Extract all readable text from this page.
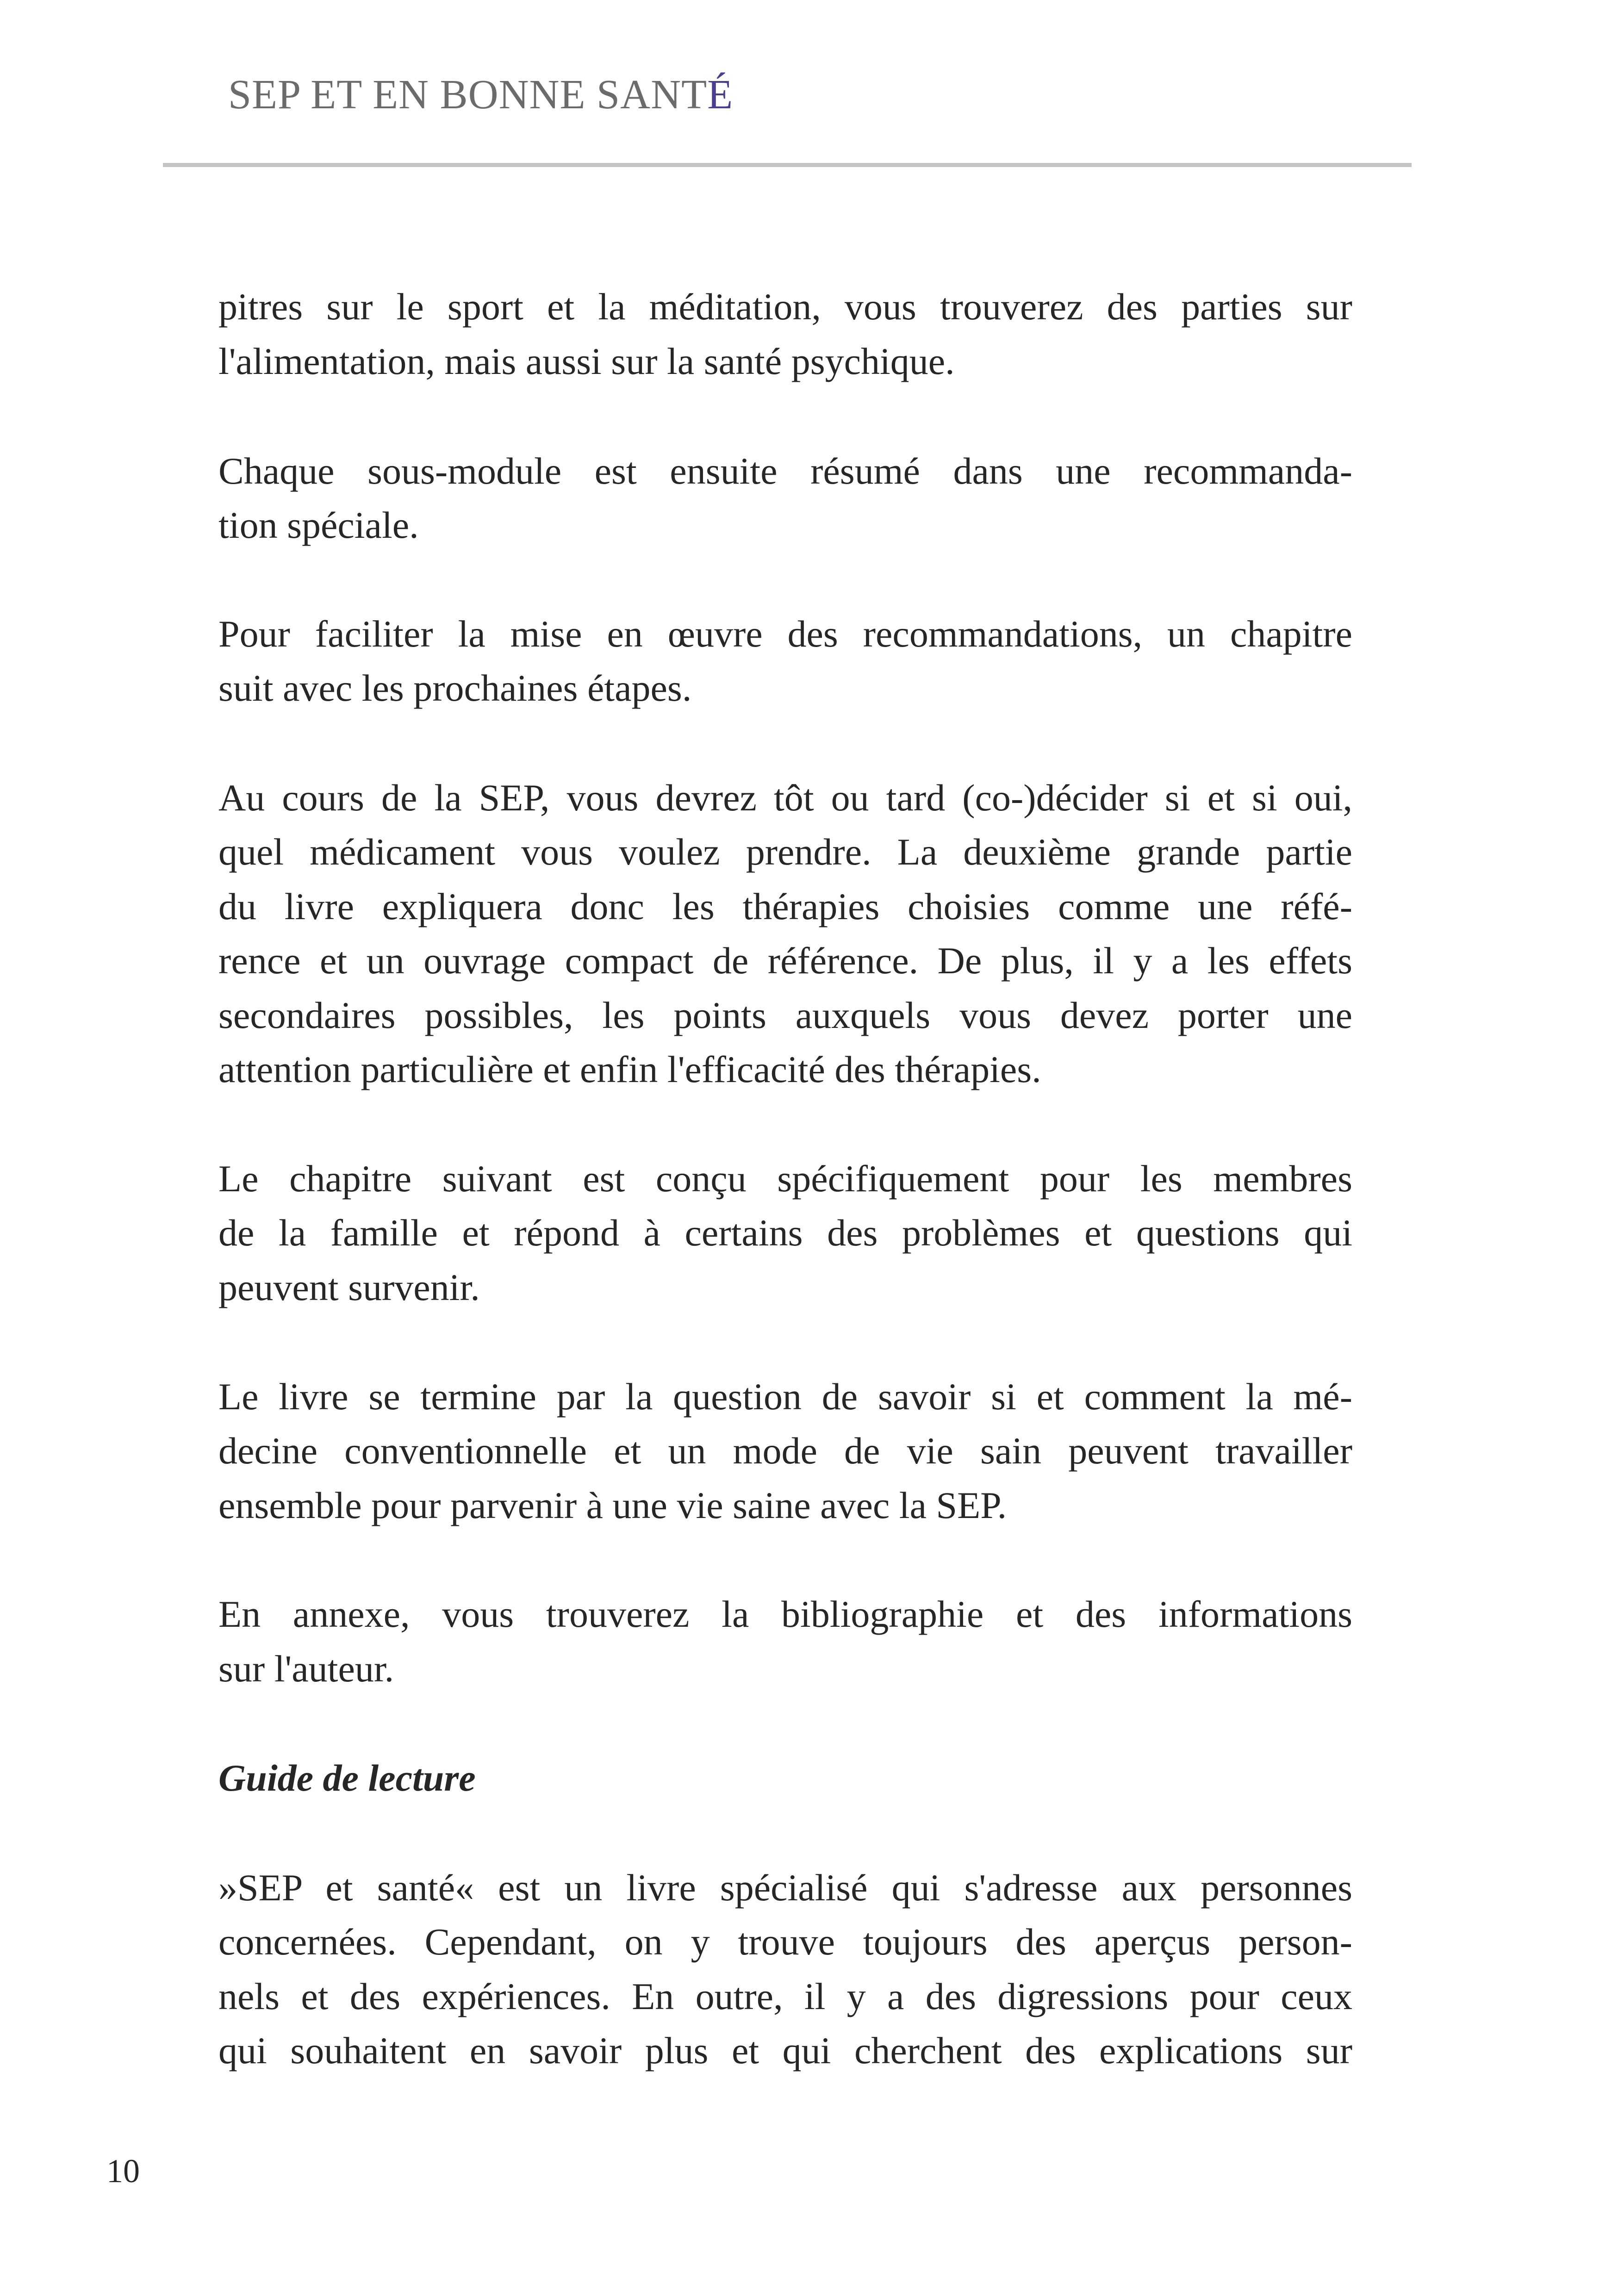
SEP ET EN BONNE SANTÉ
pitres sur le sport et la méditation, vous trouverez des parties sur
l'alimentation, mais aussi sur la santé psychique.
Chaque sous-module est ensuite résumé dans une recommanda-
tion spéciale.
Pour faciliter la mise en œuvre des recommandations, un chapitre
suit avec les prochaines étapes.
Au cours de la SEP, vous devrez tôt ou tard (co-)décider si et si oui,
quel médicament vous voulez prendre. La deuxième grande partie
du livre expliquera donc les thérapies choisies comme une réfé-
rence et un ouvrage compact de référence. De plus, il y a les effets
secondaires possibles, les points auxquels vous devez porter une
attention particulière et enfin l'efficacité des thérapies.
Le chapitre suivant est conçu spécifiquement pour les membres
de la famille et répond à certains des problèmes et questions qui
peuvent survenir.
Le livre se termine par la question de savoir si et comment la mé-
decine conventionnelle et un mode de vie sain peuvent travailler
ensemble pour parvenir à une vie saine avec la SEP.
En annexe, vous trouverez la bibliographie et des informations
sur l'auteur.
Guide de lecture
»SEP et santé« est un livre spécialisé qui s'adresse aux personnes
concernées. Cependant, on y trouve toujours des aperçus person-
nels et des expériences. En outre, il y a des digressions pour ceux
qui souhaitent en savoir plus et qui cherchent des explications sur
10
